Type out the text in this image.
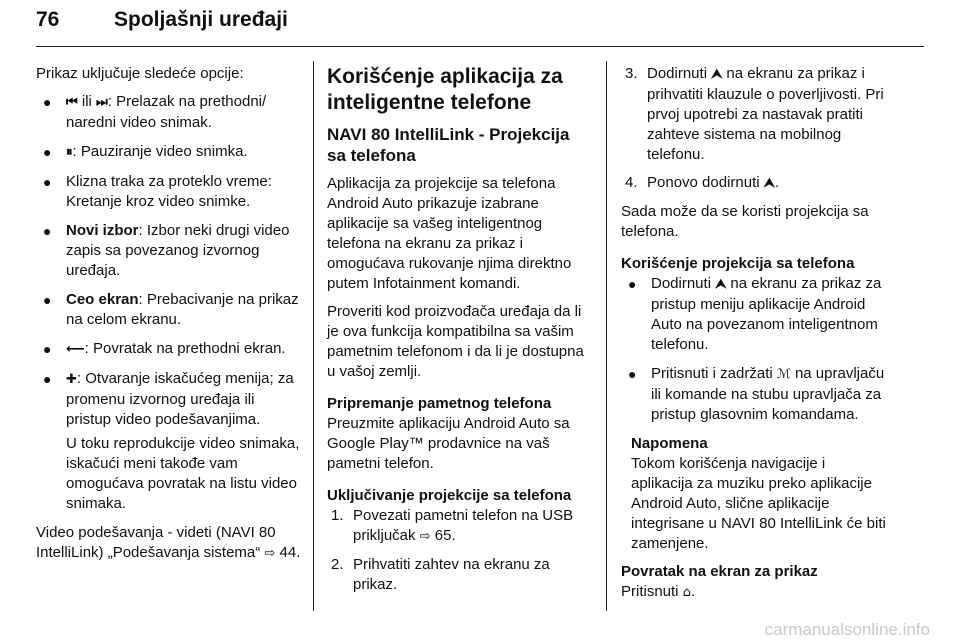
76	Spoljašnji uređaji

Prikaz uključuje sledeće opcije:

● ⏮ ili ⏭: Prelazak na prethodni/ naredni video snimak.
● ⏸: Pauziranje video snimka.
● Klizna traka za proteklo vreme: Kretanje kroz video snimke.
● Novi izbor: Izbor neki drugi video zapis sa povezanog izvornog uređaja.
● Ceo ekran: Prebacivanje na prikaz na celom ekranu.
● ⟵: Povratak na prethodni ekran.
● ✚: Otvaranje iskačućeg menija; za promenu izvornog uređaja ili pristup video podešavanjima.
U toku reprodukcije video snimaka, iskačući meni takođe vam omogućava povratak na listu video snimaka.

Video podešavanja - videti (NAVI 80 IntelliLink) „Podešavanja sistema“ ⇨ 44.

Korišćenje aplikacija za inteligentne telefone
NAVI 80 IntelliLink - Projekcija sa telefona

Aplikacija za projekcije sa telefona Android Auto prikazuje izabrane aplikacije sa vašeg inteligentnog telefona na ekranu za prikaz i omogućava rukovanje njima direktno putem Infotainment komandi.

Proveriti kod proizvođača uređaja da li je ova funkcija kompatibilna sa vašim pametnim telefonom i da li je dostupna u vašoj zemlji.

Pripremanje pametnog telefona

Preuzmite aplikaciju Android Auto sa Google Play™ prodavnice na vaš pametni telefon.

Uključivanje projekcije sa telefona
1. Povezati pametni telefon na USB priključak ⇨ 65.
2. Prihvatiti zahtev na ekranu za prikaz.
3. Dodirnuti ⮝ na ekranu za prikaz i prihvatiti klauzule o poverljivosti. Pri prvoj upotrebi za nastavak pratiti zahteve sistema na mobilnog telefonu.
4. Ponovo dodirnuti ⮝.

Sada može da se koristi projekcija sa telefona.

Korišćenje projekcija sa telefona
● Dodirnuti ⮝ na ekranu za prikaz za pristup meniju aplikacije Android Auto na povezanom inteligentnom telefonu.
● Pritisnuti i zadržati ℳ na upravljaču ili komande na stubu upravljača za pristup glasovnim komandama.
Napomena
Tokom korišćenja navigacije i aplikacija za muziku preko aplikacije Android Auto, slične aplikacije integrisane u NAVI 80 IntelliLink će biti zamenjene.
Povratak na ekran za prikaz

Pritisnuti ⌂.

carmanualsonline.info
